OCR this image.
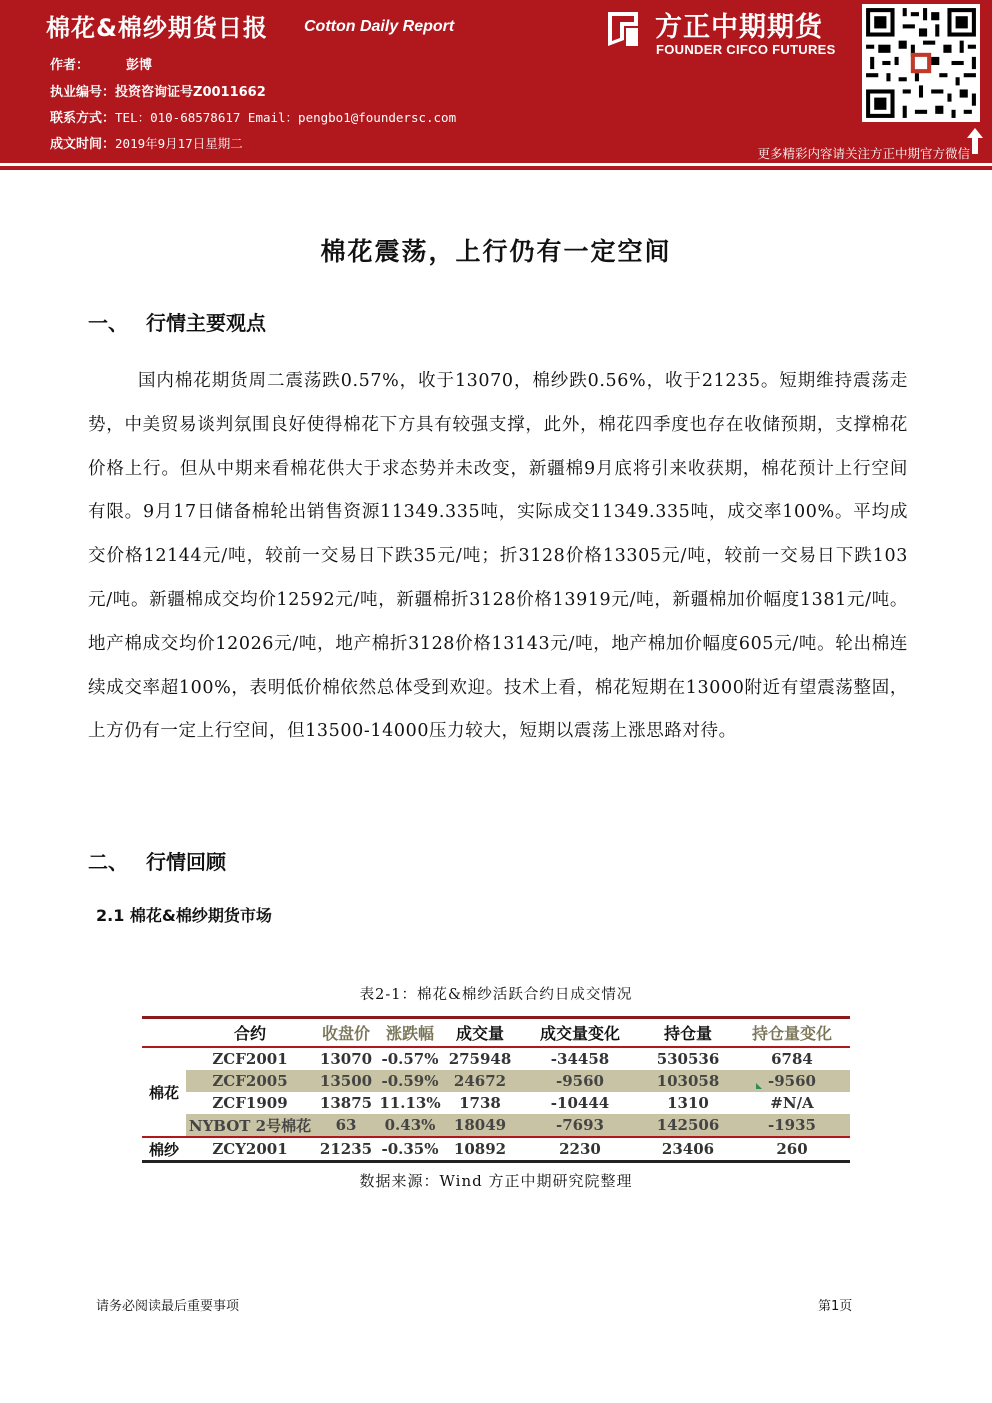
棉花&棉纱期货日报 Cotton Daily Report
作者：	彭博
执业编号：投资咨询证号Z0011662
联系方式：TEL：010-68578617 Email：pengbo1@foundersc.com
成文时间：2019年9月17日星期二
方正中期期货
FOUNDER CIFCO FUTURES
更多精彩内容请关注方正中期官方微信
棉花震荡，上行仍有一定空间
一、 行情主要观点
国内棉花期货周二震荡跌0.57%，收于13070，棉纱跌0.56%，收于21235。短期维持震荡走势，中美贸易谈判氛围良好使得棉花下方具有较强支撑，此外，棉花四季度也存在收储预期，支撑棉花价格上行。但从中期来看棉花供大于求态势并未改变，新疆棉9月底将引来收获期，棉花预计上行空间有限。9月17日储备棉轮出销售资源11349.335吨，实际成交11349.335吨，成交率100%。平均成交价格12144元/吨，较前一交易日下跌35元/吨；折3128价格13305元/吨，较前一交易日下跌103元/吨。新疆棉成交均价12592元/吨，新疆棉折3128价格13919元/吨，新疆棉加价幅度1381元/吨。地产棉成交均价12026元/吨，地产棉折3128价格13143元/吨，地产棉加价幅度605元/吨。轮出棉连续成交率超100%，表明低价棉依然总体受到欢迎。技术上看，棉花短期在13000附近有望震荡整固，上方仍有一定上行空间，但13500-14000压力较大，短期以震荡上涨思路对待。
二、 行情回顾
2.1 棉花&棉纱期货市场
表2-1：棉花&棉纱活跃合约日成交情况
	合约	收盘价	涨跌幅	成交量	成交量变化	持仓量	持仓量变化
棉花	ZCF2001	13070	-0.57%	275948	-34458	530536	6784
	ZCF2005	13500	-0.59%	24672	-9560	103058	-9560
	ZCF1909	13875	11.13%	1738	-10444	1310	#N/A
	NYBOT 2号棉花	63	0.43%	18049	-7693	142506	-1935
棉纱	ZCY2001	21235	-0.35%	10892	2230	23406	260
数据来源：Wind 方正中期研究院整理
请务必阅读最后重要事项	第1页
